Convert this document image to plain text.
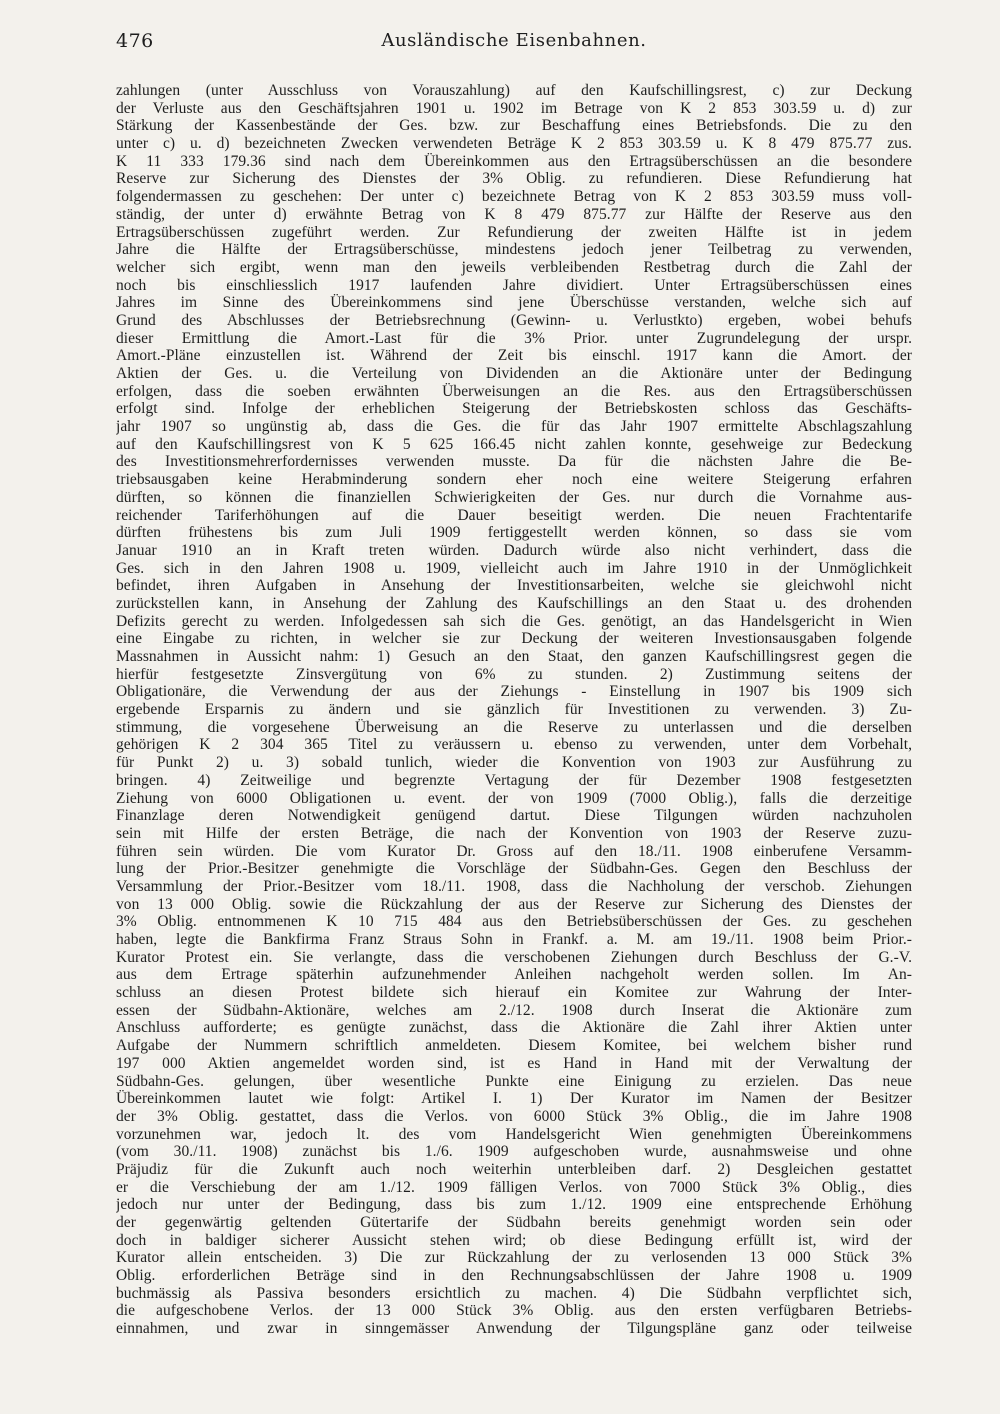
476	Ausländische Eisenbahnen.
zahlungen (unter Ausschluss von Vorauszahlung) auf den Kaufschillingsrest, c) zur Deckung
der Verluste aus den Geschäftsjahren 1901 u. 1902 im Betrage von K 2 853 303.59 u. d) zur
Stärkung der Kassenbestände der Ges. bzw. zur Beschaffung eines Betriebsfonds. Die zu den
unter c) u. d) bezeichneten Zwecken verwendeten Beträge K 2 853 303.59 u. K 8 479 875.77 zus.
K 11 333 179.36 sind nach dem Übereinkommen aus den Ertragsüberschüssen an die besondere
Reserve zur Sicherung des Dienstes der 3% Oblig. zu refundieren. Diese Refundierung hat
folgendermassen zu geschehen: Der unter c) bezeichnete Betrag von K 2 853 303.59 muss voll-
ständig, der unter d) erwähnte Betrag von K 8 479 875.77 zur Hälfte der Reserve aus den
Ertragsüberschüssen zugeführt werden. Zur Refundierung der zweiten Hälfte ist in jedem
Jahre die Hälfte der Ertragsüberschüsse, mindestens jedoch jener Teilbetrag zu verwenden,
welcher sich ergibt, wenn man den jeweils verbleibenden Restbetrag durch die Zahl der
noch bis einschliesslich 1917 laufenden Jahre dividiert. Unter Ertragsüberschüssen eines
Jahres im Sinne des Übereinkommens sind jene Überschüsse verstanden, welche sich auf
Grund des Abschlusses der Betriebsrechnung (Gewinn- u. Verlustkto) ergeben, wobei behufs
dieser Ermittlung die Amort.-Last für die 3% Prior. unter Zugrundelegung der urspr.
Amort.-Pläne einzustellen ist. Während der Zeit bis einschl. 1917 kann die Amort. der
Aktien der Ges. u. die Verteilung von Dividenden an die Aktionäre unter der Bedingung
erfolgen, dass die soeben erwähnten Überweisungen an die Res. aus den Ertragsüberschüssen
erfolgt sind. Infolge der erheblichen Steigerung der Betriebskosten schloss das Geschäfts-
jahr 1907 so ungünstig ab, dass die Ges. die für das Jahr 1907 ermittelte Abschlagszahlung
auf den Kaufschillingsrest von K 5 625 166.45 nicht zahlen konnte, gesehweige zur Bedeckung
des Investitionsmehrerfordernisses verwenden musste. Da für die nächsten Jahre die Be-
triebsausgaben keine Herabminderung sondern eher noch eine weitere Steigerung erfahren
dürften, so können die finanziellen Schwierigkeiten der Ges. nur durch die Vornahme aus-
reichender Tariferhöhungen auf die Dauer beseitigt werden. Die neuen Frachtentarife
dürften frühestens bis zum Juli 1909 fertiggestellt werden können, so dass sie vom
Januar 1910 an in Kraft treten würden. Dadurch würde also nicht verhindert, dass die
Ges. sich in den Jahren 1908 u. 1909, vielleicht auch im Jahre 1910 in der Unmöglichkeit
befindet, ihren Aufgaben in Ansehung der Investitionsarbeiten, welche sie gleichwohl nicht
zurückstellen kann, in Ansehung der Zahlung des Kaufschillings an den Staat u. des drohenden
Defizits gerecht zu werden. Infolgedessen sah sich die Ges. genötigt, an das Handelsgericht in Wien
eine Eingabe zu richten, in welcher sie zur Deckung der weiteren Investionsausgaben folgende
Massnahmen in Aussicht nahm: 1) Gesuch an den Staat, den ganzen Kaufschillingsrest gegen die
hierfür festgesetzte Zinsvergütung von 6% zu stunden. 2) Zustimmung seitens der
Obligationäre, die Verwendung der aus der Ziehungs - Einstellung in 1907 bis 1909 sich
ergebende Ersparnis zu ändern und sie gänzlich für Investitionen zu verwenden. 3) Zu-
stimmung, die vorgesehene Überweisung an die Reserve zu unterlassen und die derselben
gehörigen K 2 304 365 Titel zu veräussern u. ebenso zu verwenden, unter dem Vorbehalt,
für Punkt 2) u. 3) sobald tunlich, wieder die Konvention von 1903 zur Ausführung zu
bringen. 4) Zeitweilige und begrenzte Vertagung der für Dezember 1908 festgesetzten
Ziehung von 6000 Obligationen u. event. der von 1909 (7000 Oblig.), falls die derzeitige
Finanzlage deren Notwendigkeit genügend dartut. Diese Tilgungen würden nachzuholen
sein mit Hilfe der ersten Beträge, die nach der Konvention von 1903 der Reserve zuzu-
führen sein würden. Die vom Kurator Dr. Gross auf den 18./11. 1908 einberufene Versamm-
lung der Prior.-Besitzer genehmigte die Vorschläge der Südbahn-Ges. Gegen den Beschluss der
Versammlung der Prior.-Besitzer vom 18./11. 1908, dass die Nachholung der verschob. Ziehungen
von 13 000 Oblig. sowie die Rückzahlung der aus der Reserve zur Sicherung des Dienstes der
3% Oblig. entnommenen K 10 715 484 aus den Betriebsüberschüssen der Ges. zu geschehen
haben, legte die Bankfirma Franz Straus Sohn in Frankf. a. M. am 19./11. 1908 beim Prior.-
Kurator Protest ein. Sie verlangte, dass die verschobenen Ziehungen durch Beschluss der G.-V.
aus dem Ertrage späterhin aufzunehmender Anleihen nachgeholt werden sollen. Im An-
schluss an diesen Protest bildete sich hierauf ein Komitee zur Wahrung der Inter-
essen der Südbahn-Aktionäre, welches am 2./12. 1908 durch Inserat die Aktionäre zum
Anschluss aufforderte; es genügte zunächst, dass die Aktionäre die Zahl ihrer Aktien unter
Aufgabe der Nummern schriftlich anmeldeten. Diesem Komitee, bei welchem bisher rund
197 000 Aktien angemeldet worden sind, ist es Hand in Hand mit der Verwaltung der
Südbahn-Ges. gelungen, über wesentliche Punkte eine Einigung zu erzielen. Das neue
Übereinkommen lautet wie folgt: Artikel I. 1) Der Kurator im Namen der Besitzer
der 3% Oblig. gestattet, dass die Verlos. von 6000 Stück 3% Oblig., die im Jahre 1908
vorzunehmen war, jedoch lt. des vom Handelsgericht Wien genehmigten Übereinkommens
(vom 30./11. 1908) zunächst bis 1./6. 1909 aufgeschoben wurde, ausnahmsweise und ohne
Präjudiz für die Zukunft auch noch weiterhin unterbleiben darf. 2) Desgleichen gestattet
er die Verschiebung der am 1./12. 1909 fälligen Verlos. von 7000 Stück 3% Oblig., dies
jedoch nur unter der Bedingung, dass bis zum 1./12. 1909 eine entsprechende Erhöhung
der gegenwärtig geltenden Gütertarife der Südbahn bereits genehmigt worden sein oder
doch in baldiger sicherer Aussicht stehen wird; ob diese Bedingung erfüllt ist, wird der
Kurator allein entscheiden. 3) Die zur Rückzahlung der zu verlosenden 13 000 Stück 3%
Oblig. erforderlichen Beträge sind in den Rechnungsabschlüssen der Jahre 1908 u. 1909
buchmässig als Passiva besonders ersichtlich zu machen. 4) Die Südbahn verpflichtet sich,
die aufgeschobene Verlos. der 13 000 Stück 3% Oblig. aus den ersten verfügbaren Betriebs-
einnahmen, und zwar in sinngemässer Anwendung der Tilgungspläne ganz oder teilweise
